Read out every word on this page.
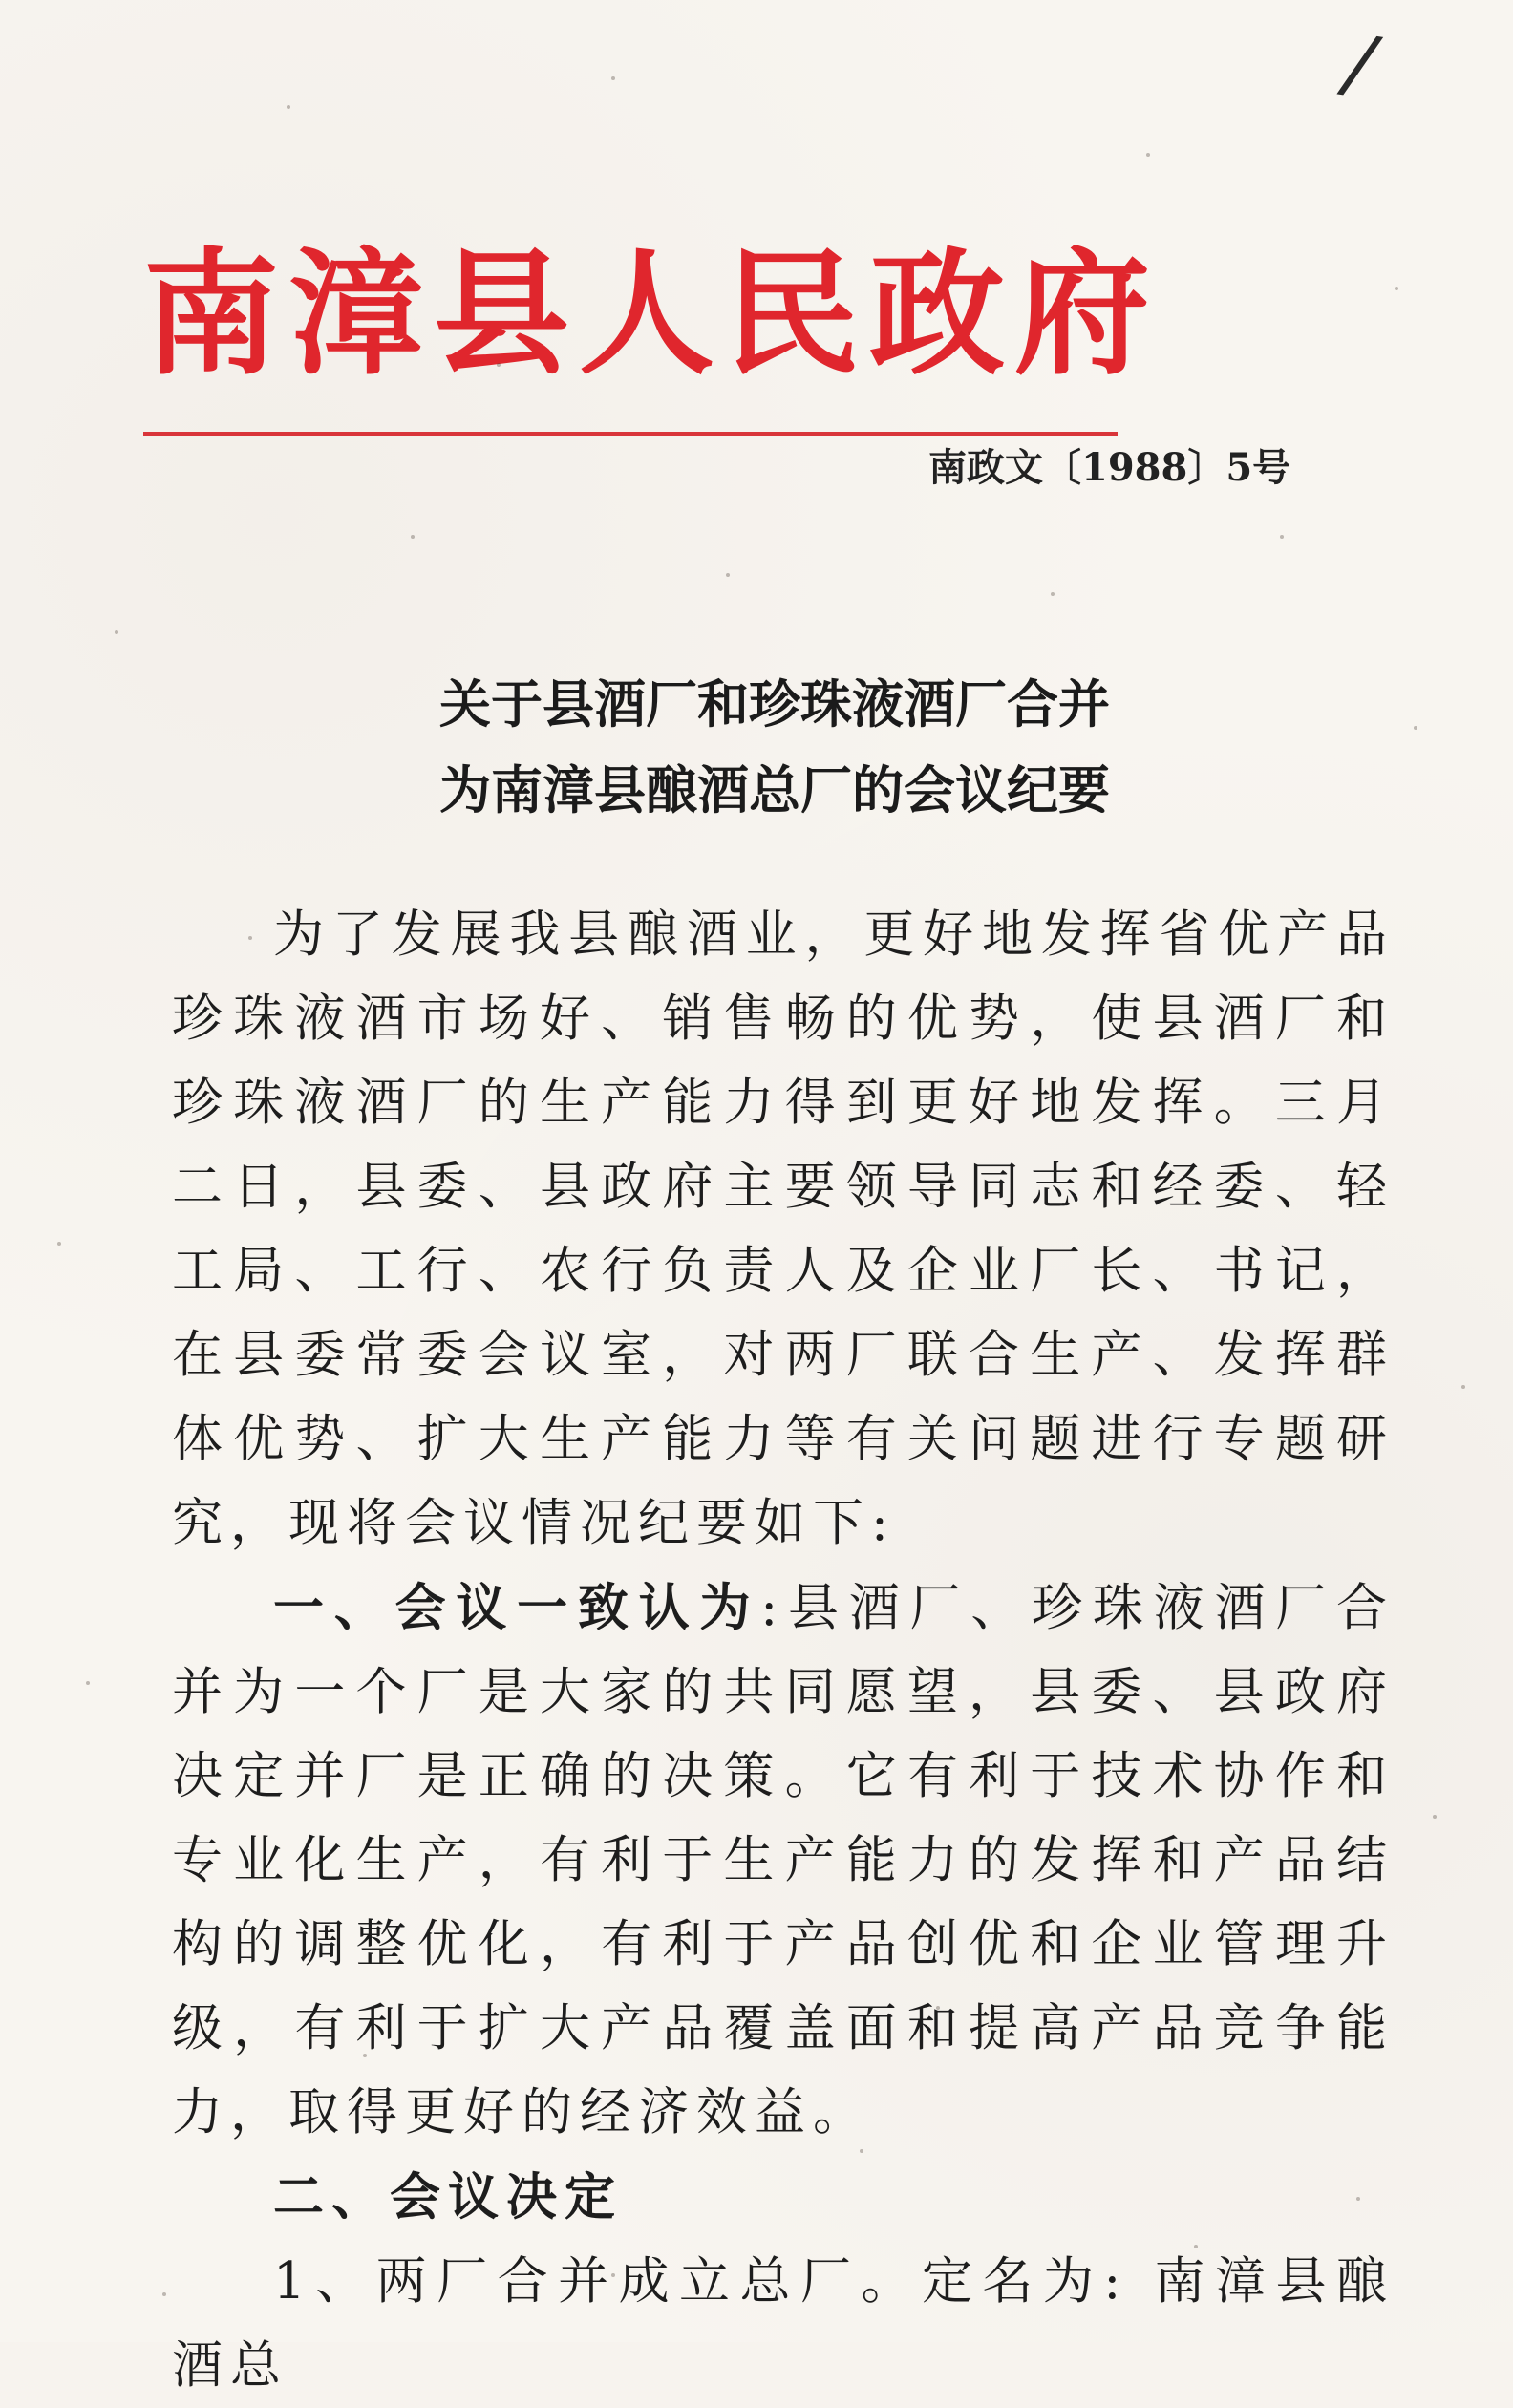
/
南漳县人民政府
南政文〔1988〕5号
关于县酒厂和珍珠液酒厂合并
为南漳县酿酒总厂的会议纪要

为了发展我县酿酒业，更好地发挥省优产品珍珠液酒市场好、销售畅的优势，使县酒厂和珍珠液酒厂的生产能力得到更好地发挥。三月二日，县委、县政府主要领导同志和经委、轻工局、工行、农行负责人及企业厂长、书记，在县委常委会议室，对两厂联合生产、发挥群体优势、扩大生产能力等有关问题进行专题研究，现将会议情况纪要如下:

一、会议一致认为:县酒厂、珍珠液酒厂合并为一个厂是大家的共同愿望，县委、县政府决定并厂是正确的决策。它有利于技术协作和专业化生产，有利于生产能力的发挥和产品结构的调整优化，有利于产品创优和企业管理升级，有利于扩大产品覆盖面和提高产品竞争能力，取得更好的经济效益。

二、会议决定

1、两厂合并成立总厂。定名为: 南漳县酿酒总
